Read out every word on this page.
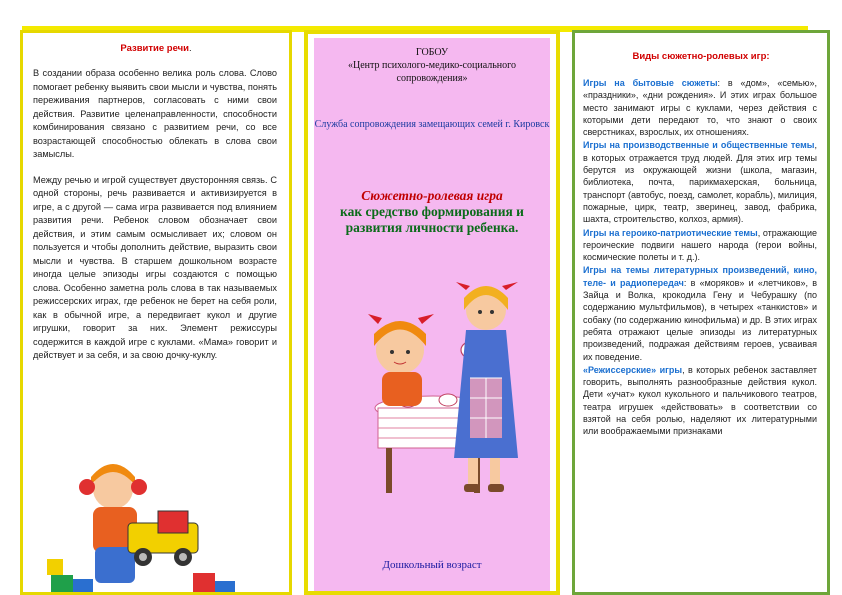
Развитие речи.

В создании образа особенно велика роль слова. Слово помогает ребенку выявить свои мысли и чувства, понять переживания партнеров, согласовать с ними свои действия. Развитие целенаправленности, способности комбинирования связано с развитием речи, со все возрастающей способностью облекать в слова свои замыслы.

Между речью и игрой существует двусторонняя связь. С одной стороны, речь развивается и активизируется в игре, а с другой — сама игра развивается под влиянием развития речи. Ребенок словом обозначает свои действия, и этим самым осмысливает их; словом он пользуется и чтобы дополнить действие, выразить свои мысли и чувства. В старшем дошкольном возрасте иногда целые эпизоды игры создаются с помощью слова. Особенно заметна роль слова в так называемых режиссерских играх, где ребенок не берет на себя роли, как в обычной игре, а передвигает кукол и другие игрушки, говорит за них. Элемент режиссуры содержится в каждой игре с куклами. «Мама» говорит и действует и за себя, и за свою дочку-куклу.

ГОБОУ
«Центр психолого-медико-социального сопровождения»
Служба сопровождения замещающих семей г. Кировск
Сюжетно-ролевая игра
как средство формирования и развития личности ребенка.
Дошкольный возраст
Виды сюжетно-ролевых игр:

Игры на бытовые сюжеты: в «дом», «семью», «праздники», «дни рождения». И этих играх большое место занимают игры с куклами, через действия с которыми дети передают то, что знают о своих сверстниках, взрослых, их отношениях.

Игры на производственные и общественные темы, в которых отражается труд людей. Для этих игр темы берутся из окружающей жизни (школа, магазин, библиотека, почта, парикмахерская, больница, транспорт (автобус, поезд, самолет, корабль), милиция, пожарные, цирк, театр, зверинец, завод, фабрика, шахта, строительство, колхоз, армия).

Игры на героико-патриотические темы, отражающие героические подвиги нашего народа (герои войны, космические полеты и т. д.).

Игры на темы литературных произведений, кино, теле- и радиопередач: в «моряков» и «летчиков», в Зайца и Волка, крокодила Гену и Чебурашку (по содержанию мультфильмов), в четырех «танкистов» и собаку (по содержанию кинофильма) и др. В этих играх ребята отражают целые эпизоды из литературных произведений, подражая действиям героев, усваивая их поведение.

«Режиссерские» игры, в которых ребенок заставляет говорить, выполнять разнообразные действия кукол. Дети «учат» кукол кукольного и пальчикового театров, театра игрушек «действовать» в соответствии со взятой на себя ролью, наделяют их литературными или воображаемыми признаками
